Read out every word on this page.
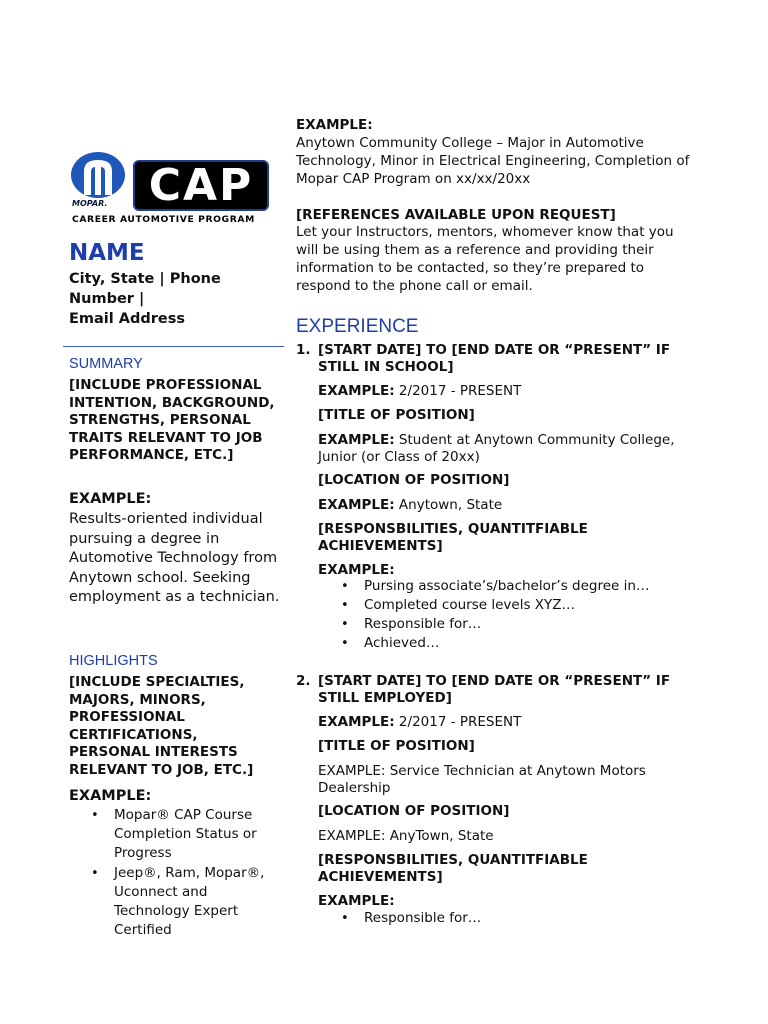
MOPAR. CAP
CAREER AUTOMOTIVE PROGRAM
NAME
City, State | Phone
Number |
Email Address
SUMMARY
[INCLUDE PROFESSIONAL INTENTION, BACKGROUND, STRENGTHS, PERSONAL TRAITS RELEVANT TO JOB PERFORMANCE, ETC.]
EXAMPLE:
Results-oriented individual pursuing a degree in Automotive Technology from Anytown school. Seeking employment as a technician.
HIGHLIGHTS
[INCLUDE SPECIALTIES, MAJORS, MINORS, PROFESSIONAL CERTIFICATIONS, PERSONAL INTERESTS RELEVANT TO JOB, ETC.]
EXAMPLE:
• Mopar® CAP Course Completion Status or Progress
• Jeep®, Ram, Mopar®, Uconnect and Technology Expert Certified
EXAMPLE:
Anytown Community College – Major in Automotive Technology, Minor in Electrical Engineering, Completion of Mopar CAP Program on xx/xx/20xx
[REFERENCES AVAILABLE UPON REQUEST]
Let your Instructors, mentors, whomever know that you will be using them as a reference and providing their information to be contacted, so they’re prepared to respond to the phone call or email.
EXPERIENCE
1. [START DATE] TO [END DATE OR “PRESENT” IF STILL IN SCHOOL]
EXAMPLE: 2/2017 - PRESENT
[TITLE OF POSITION]
EXAMPLE: Student at Anytown Community College, Junior (or Class of 20xx)
[LOCATION OF POSITION]
EXAMPLE: Anytown, State
[RESPONSBILITIES, QUANTITFIABLE ACHIEVEMENTS]
EXAMPLE:
• Pursing associate’s/bachelor’s degree in…
• Completed course levels XYZ…
• Responsible for…
• Achieved…
2. [START DATE] TO [END DATE OR “PRESENT” IF STILL EMPLOYED]
EXAMPLE: 2/2017 - PRESENT
[TITLE OF POSITION]
EXAMPLE: Service Technician at Anytown Motors Dealership
[LOCATION OF POSITION]
EXAMPLE: AnyTown, State
[RESPONSBILITIES, QUANTITFIABLE ACHIEVEMENTS]
EXAMPLE:
• Responsible for…
